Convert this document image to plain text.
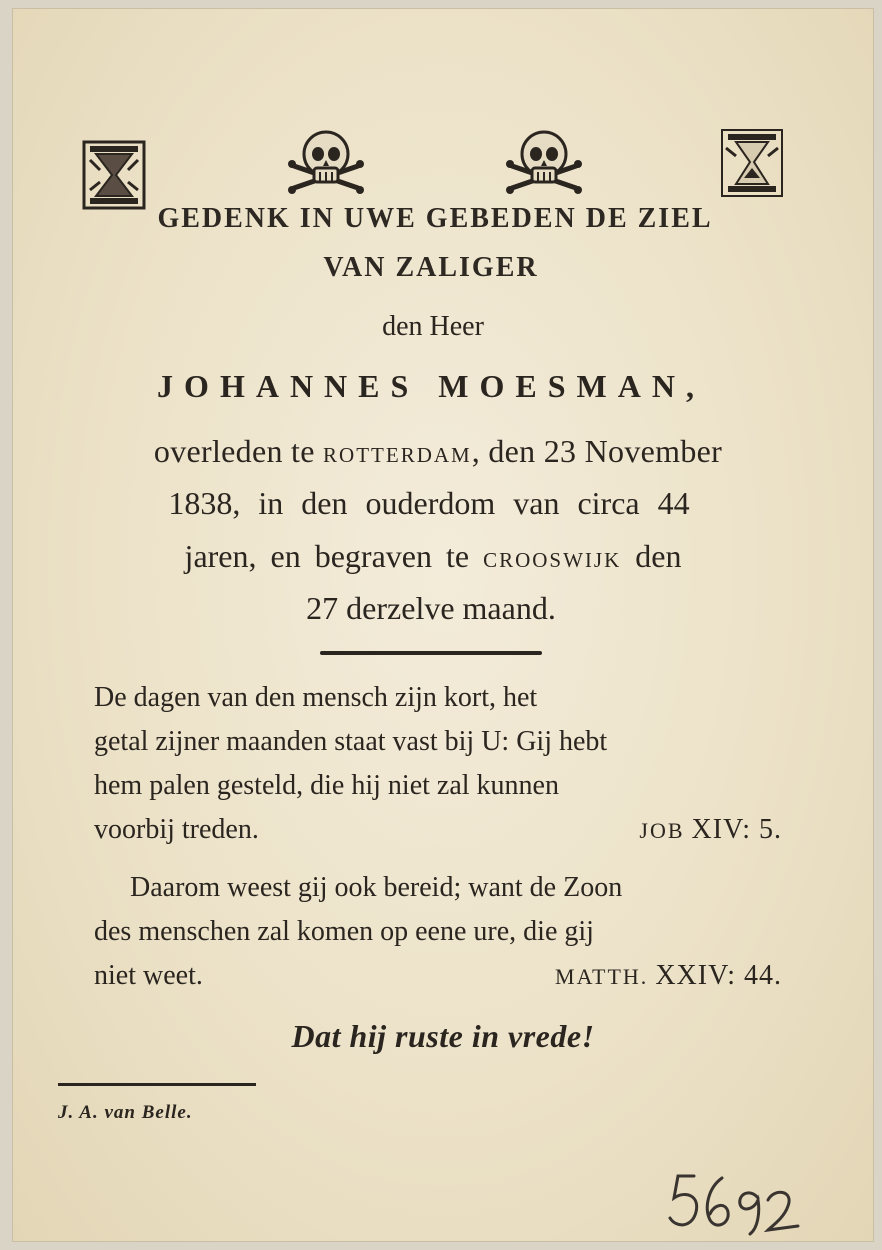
GEDENK IN UWE GEBEDEN DE ZIEL
VAN ZALIGER
den Heer
JOHANNES MOESMAN,
overleden te ROTTERDAM, den 23 November
1838, in den ouderdom van circa 44
jaren, en begraven te CROOSWIJK den
27 derzelve maand.
De dagen van den mensch zijn kort, het
getal zijner maanden staat vast bij U: Gij hebt
hem palen gesteld, die hij niet zal kunnen
voorbij treden.	JOB XIV: 5.
Daarom weest gij ook bereid; want de Zoon
des menschen zal komen op eene ure, die gij
niet weet.	MATTH. XXIV: 44.
Dat hij ruste in vrede!
J. A. van Belle.
